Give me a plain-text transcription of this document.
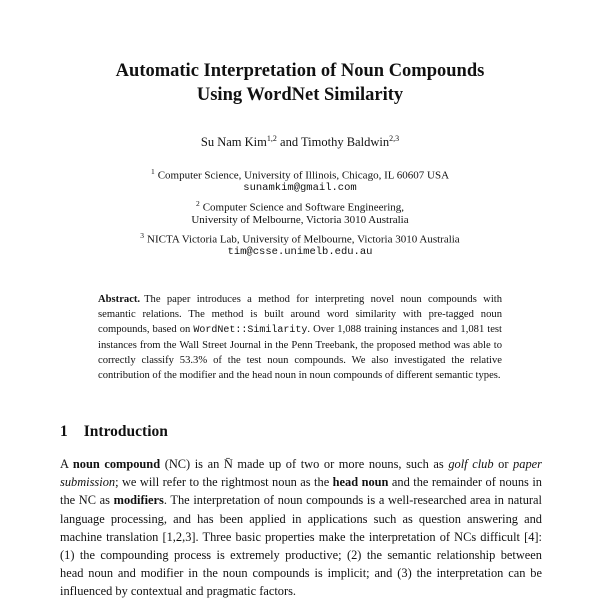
Automatic Interpretation of Noun Compounds
Using WordNet Similarity
Su Nam Kim$^{1,2}$ and Timothy Baldwin$^{2,3}$
$^1$ Computer Science, University of Illinois, Chicago, IL 60607 USA
sunamkim@gmail.com
$^2$ Computer Science and Software Engineering,
University of Melbourne, Victoria 3010 Australia
$^3$ NICTA Victoria Lab, University of Melbourne, Victoria 3010 Australia
tim@csse.unimelb.edu.au
Abstract. The paper introduces a method for interpreting novel noun compounds with semantic relations. The method is built around word similarity with pre-tagged noun compounds, based on WordNet::Similarity. Over 1,088 training instances and 1,081 test instances from the Wall Street Journal in the Penn Treebank, the proposed method was able to correctly classify 53.3% of the test noun compounds. We also investigated the relative contribution of the modifier and the head noun in noun compounds of different semantic types.
1 Introduction
A noun compound (NC) is an N̄ made up of two or more nouns, such as golf club or paper submission; we will refer to the rightmost noun as the head noun and the remainder of nouns in the NC as modifiers. The interpretation of noun compounds is a well-researched area in natural language processing, and has been applied in applications such as question answering and machine translation [1,2,3]. Three basic properties make the interpretation of NCs difficult [4]: (1) the compounding process is extremely productive; (2) the semantic relationship between head noun and modifier in the noun compounds is implicit; and (3) the interpretation can be influenced by contextual and pragmatic factors.
